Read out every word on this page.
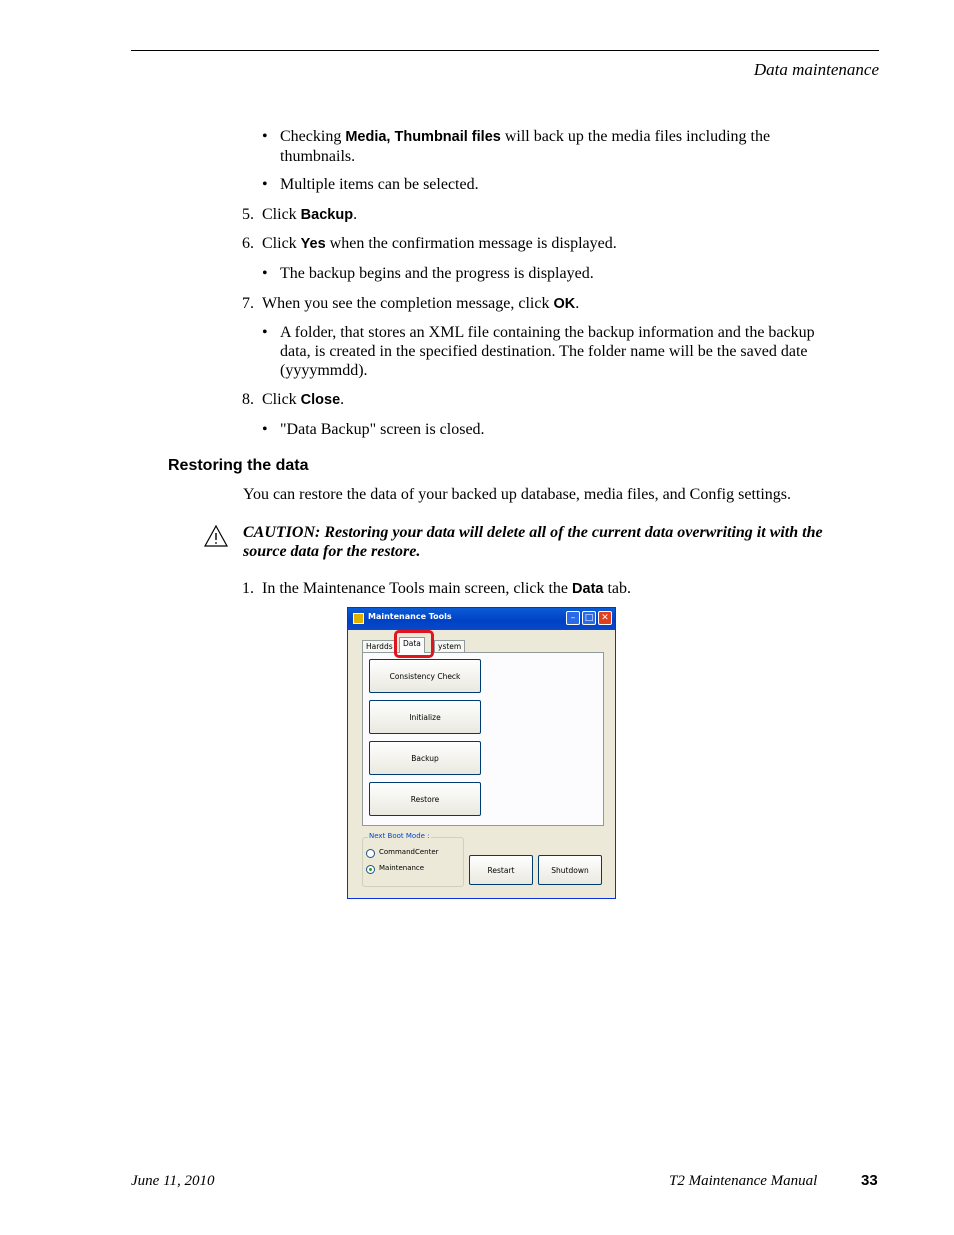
Data maintenance
• Checking Media, Thumbnail files will back up the media files including the thumbnails.
• Multiple items can be selected.
5. Click Backup.
6. Click Yes when the confirmation message is displayed.
• The backup begins and the progress is displayed.
7. When you see the completion message, click OK.
• A folder, that stores an XML file containing the backup information and the backup data, is created in the specified destination. The folder name will be the saved date (yyyymmdd).
8. Click Close.
• "Data Backup" screen is closed.
Restoring the data
You can restore the data of your backed up database, media files, and Config settings.
CAUTION: Restoring your data will delete all of the current data overwriting it with the source data for the restore.
1. In the Maintenance Tools main screen, click the Data tab.
Maintenance Tools	–	□ ✕
Hardds	Data	ystem
Consistency Check
Initialize
Backup
Restore
Next Boot Mode :
CommandCenter
Maintenance	Restart	Shutdown
June 11, 2010	T2 Maintenance Manual	33
